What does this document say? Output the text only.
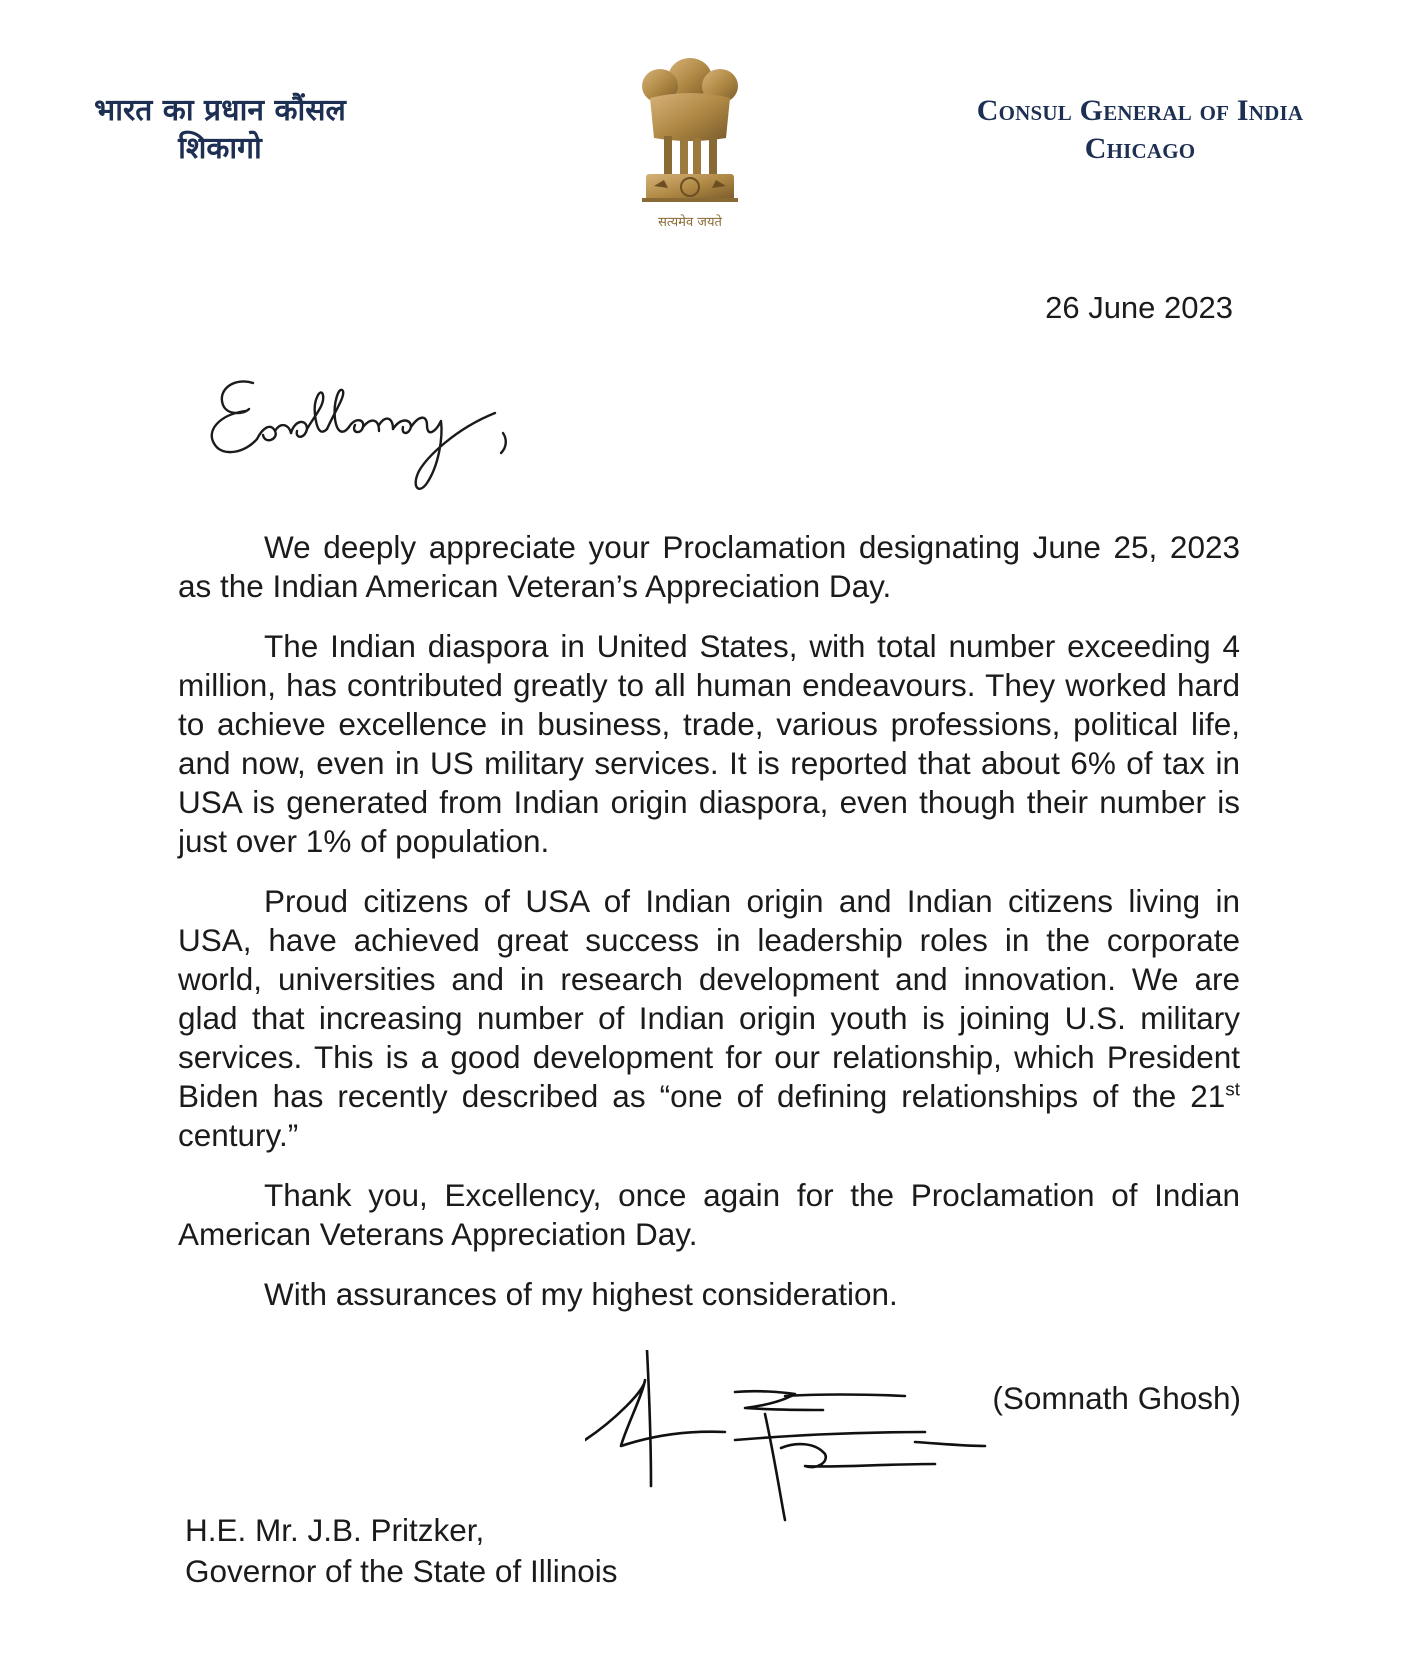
भारत का प्रधान कौंसल
शिकागो
सत्यमेव जयते
Consul General of India
Chicago
26 June 2023

We deeply appreciate your Proclamation designating June 25, 2023 as the Indian American Veteran’s Appreciation Day.

The Indian diaspora in United States, with total number exceeding 4 million, has contributed greatly to all human endeavours. They worked hard to achieve excellence in business, trade, various professions, political life, and now, even in US military services. It is reported that about 6% of tax in USA is generated from Indian origin diaspora, even though their number is just over 1% of population.

Proud citizens of USA of Indian origin and Indian citizens living in USA, have achieved great success in leadership roles in the corporate world, universities and in research development and innovation. We are glad that increasing number of Indian origin youth is joining U.S. military services. This is a good development for our relationship, which President Biden has recently described as “one of defining relationships of the 21st century.”

Thank you, Excellency, once again for the Proclamation of Indian American Veterans Appreciation Day.

With assurances of my highest consideration.

(Somnath Ghosh)
H.E. Mr. J.B. Pritzker,
Governor of the State of Illinois
